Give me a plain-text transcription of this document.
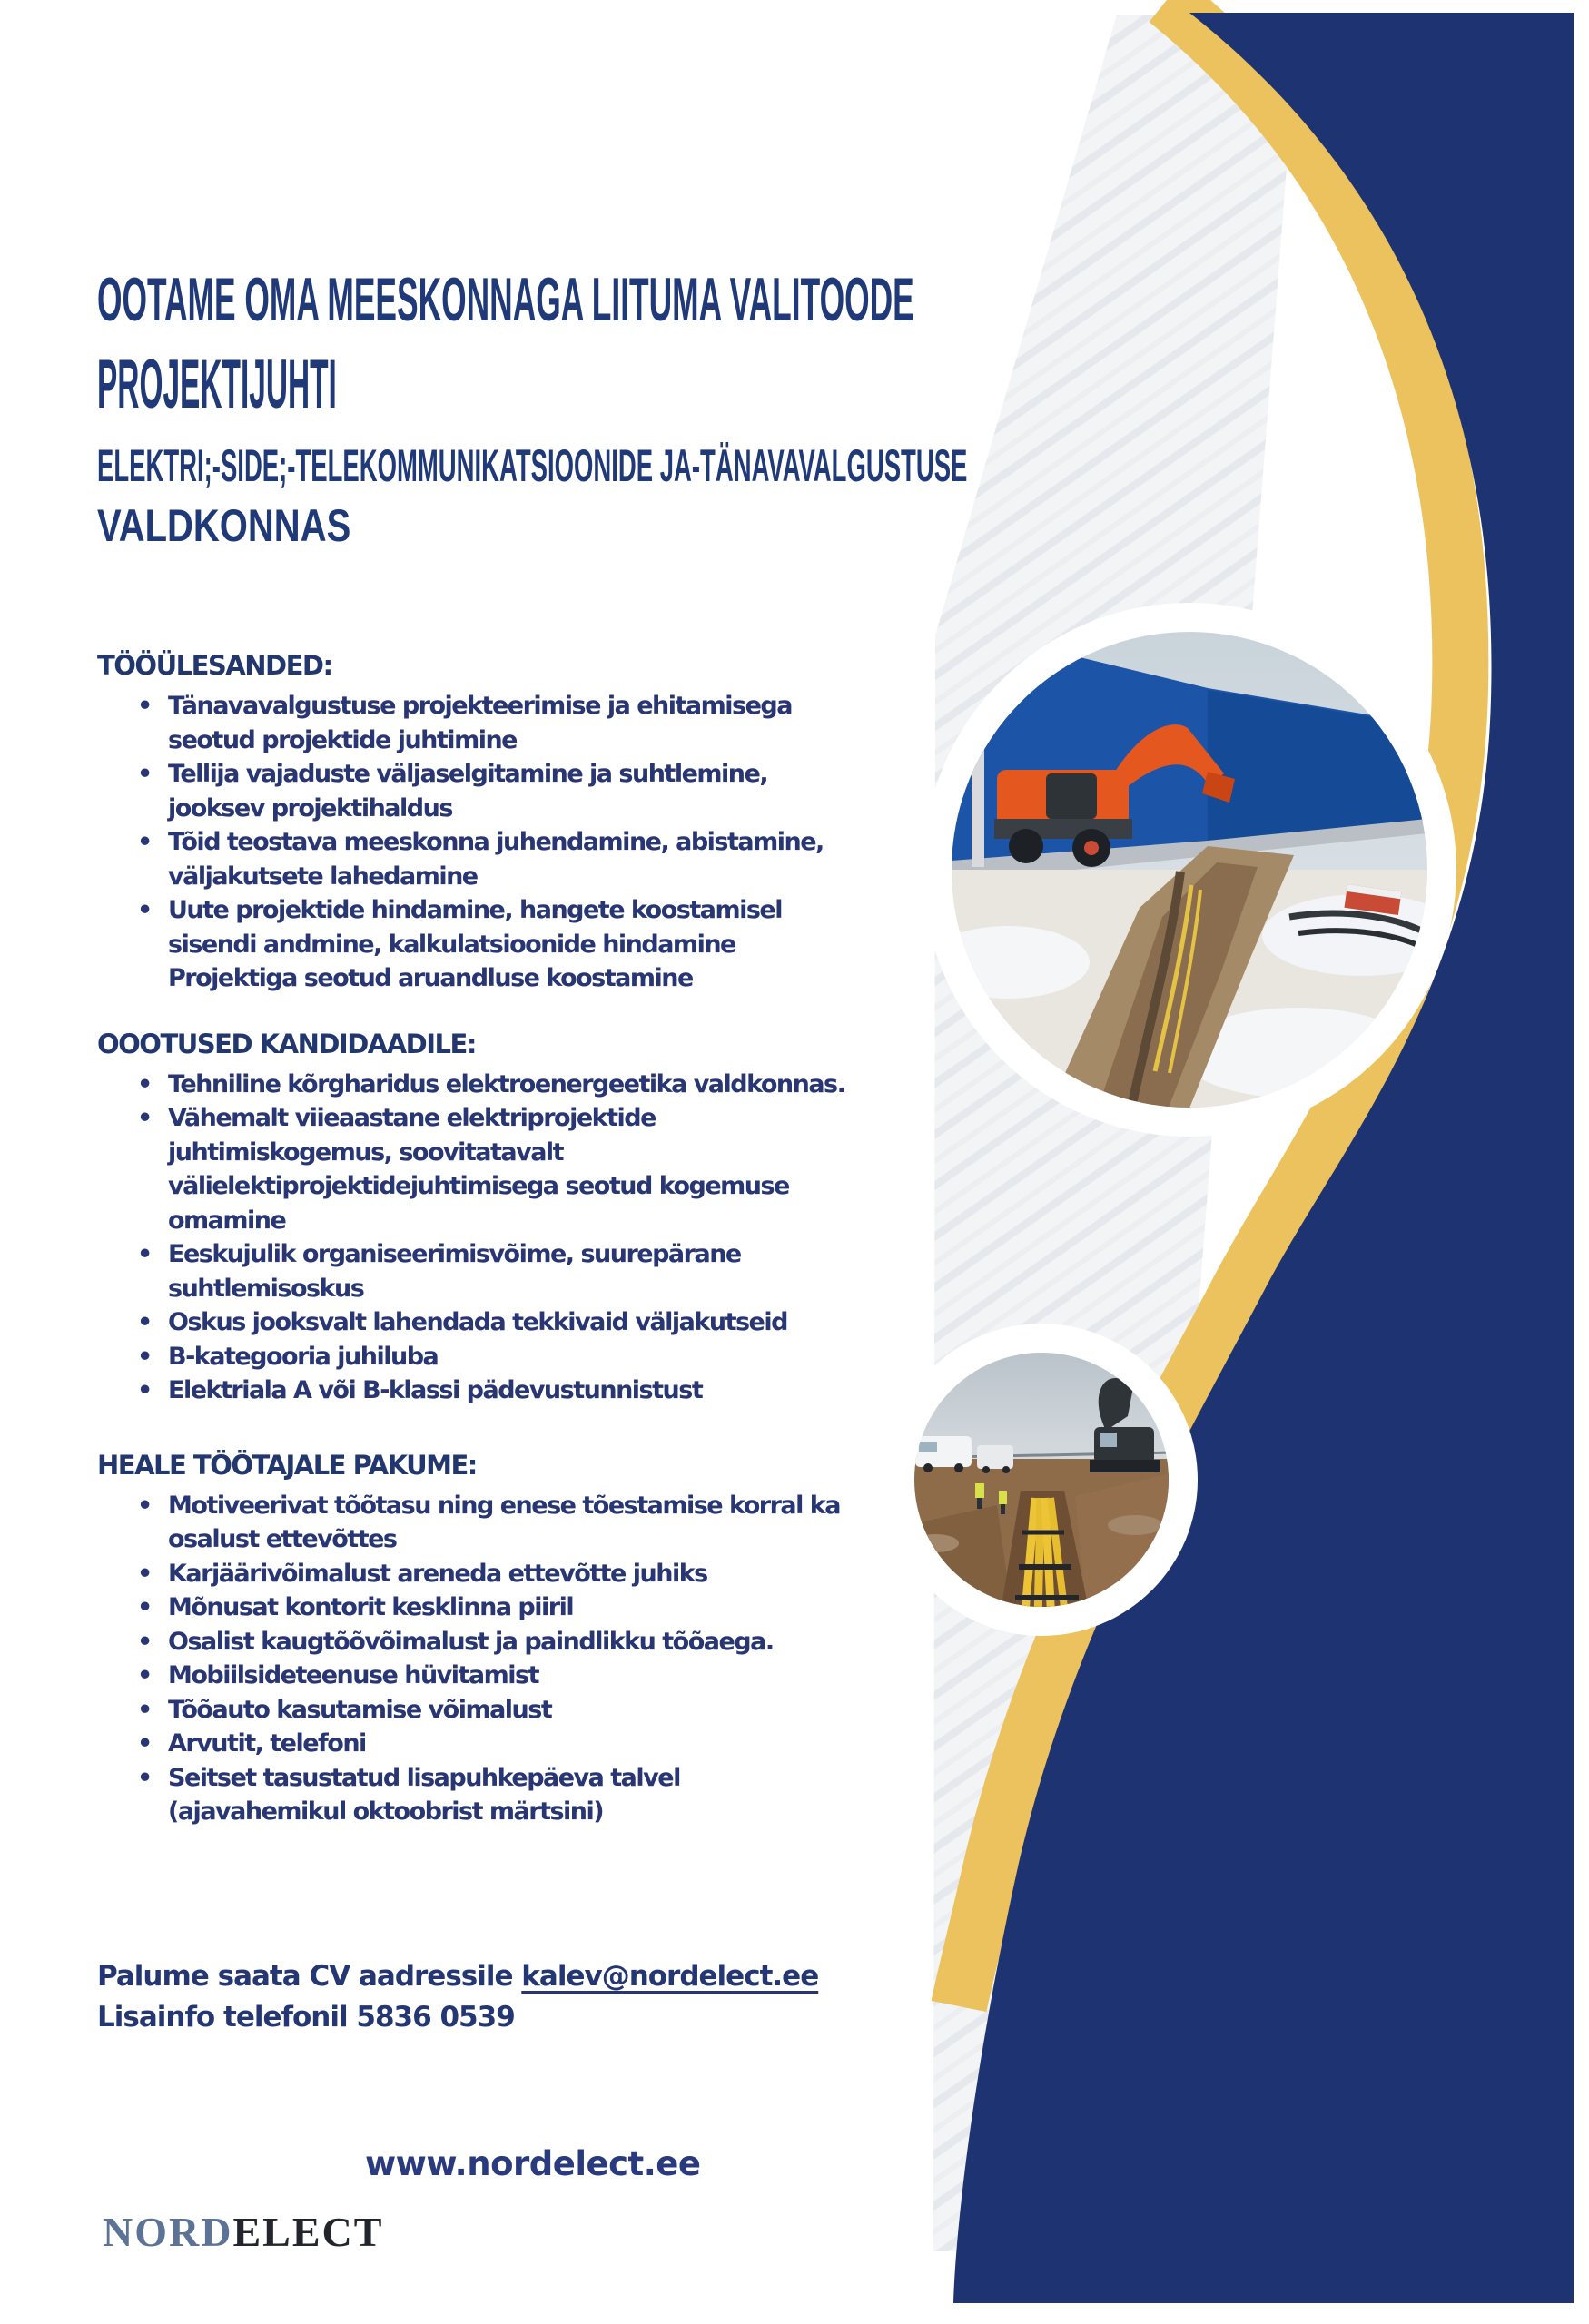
OOTAME OMA MEESKONNAGA LIITUMA VALITOODE
PROJEKTIJUHTI
ELEKTRI;-SIDE;-TELEKOMMUNIKATSIOONIDE JA-TÄNAVAVALGUSTUSE
VALDKONNAS
TÖÖÜLESANDED:
• Tänavavalgustuse projekteerimise ja ehitamisega
seotud projektide juhtimine
• Tellija vajaduste väljaselgitamine ja suhtlemine,
jooksev projektihaldus
• Tõid teostava meeskonna juhendamine, abistamine,
väljakutsete lahedamine
• Uute projektide hindamine, hangete koostamisel
sisendi andmine, kalkulatsioonide hindamine
Projektiga seotud aruandluse koostamine
OOOTUSED KANDIDAADILE:
• Tehniline kõrgharidus elektroenergeetika valdkonnas.
• Vähemalt viieaastane elektriprojektide
juhtimiskogemus, soovitatavalt
välielektiprojektidejuhtimisega seotud kogemuse
omamine
• Eeskujulik organiseerimisvõime, suurepärane
suhtlemisoskus
• Oskus jooksvalt lahendada tekkivaid väljakutseid
• B-kategooria juhiluba
• Elektriala A või B-klassi pädevustunnistust
HEALE TÖÖTAJALE PAKUME:
• Motiveerivat tõõtasu ning enese tõestamise korral ka
osalust ettevõttes
• Karjäärivõimalust areneda ettevõtte juhiks
• Mõnusat kontorit kesklinna piiril
• Osalist kaugtõõvõimalust ja paindlikku tõõaega.
• Mobiilsideteenuse hüvitamist
• Tõõauto kasutamise võimalust
• Arvutit, telefoni
• Seitset tasustatud lisapuhkepäeva talvel
(ajavahemikul oktoobrist märtsini)
Palume saata CV aadressile kalev@nordelect.ee
Lisainfo telefonil 5836 0539
www.nordelect.ee
NORDELECT
